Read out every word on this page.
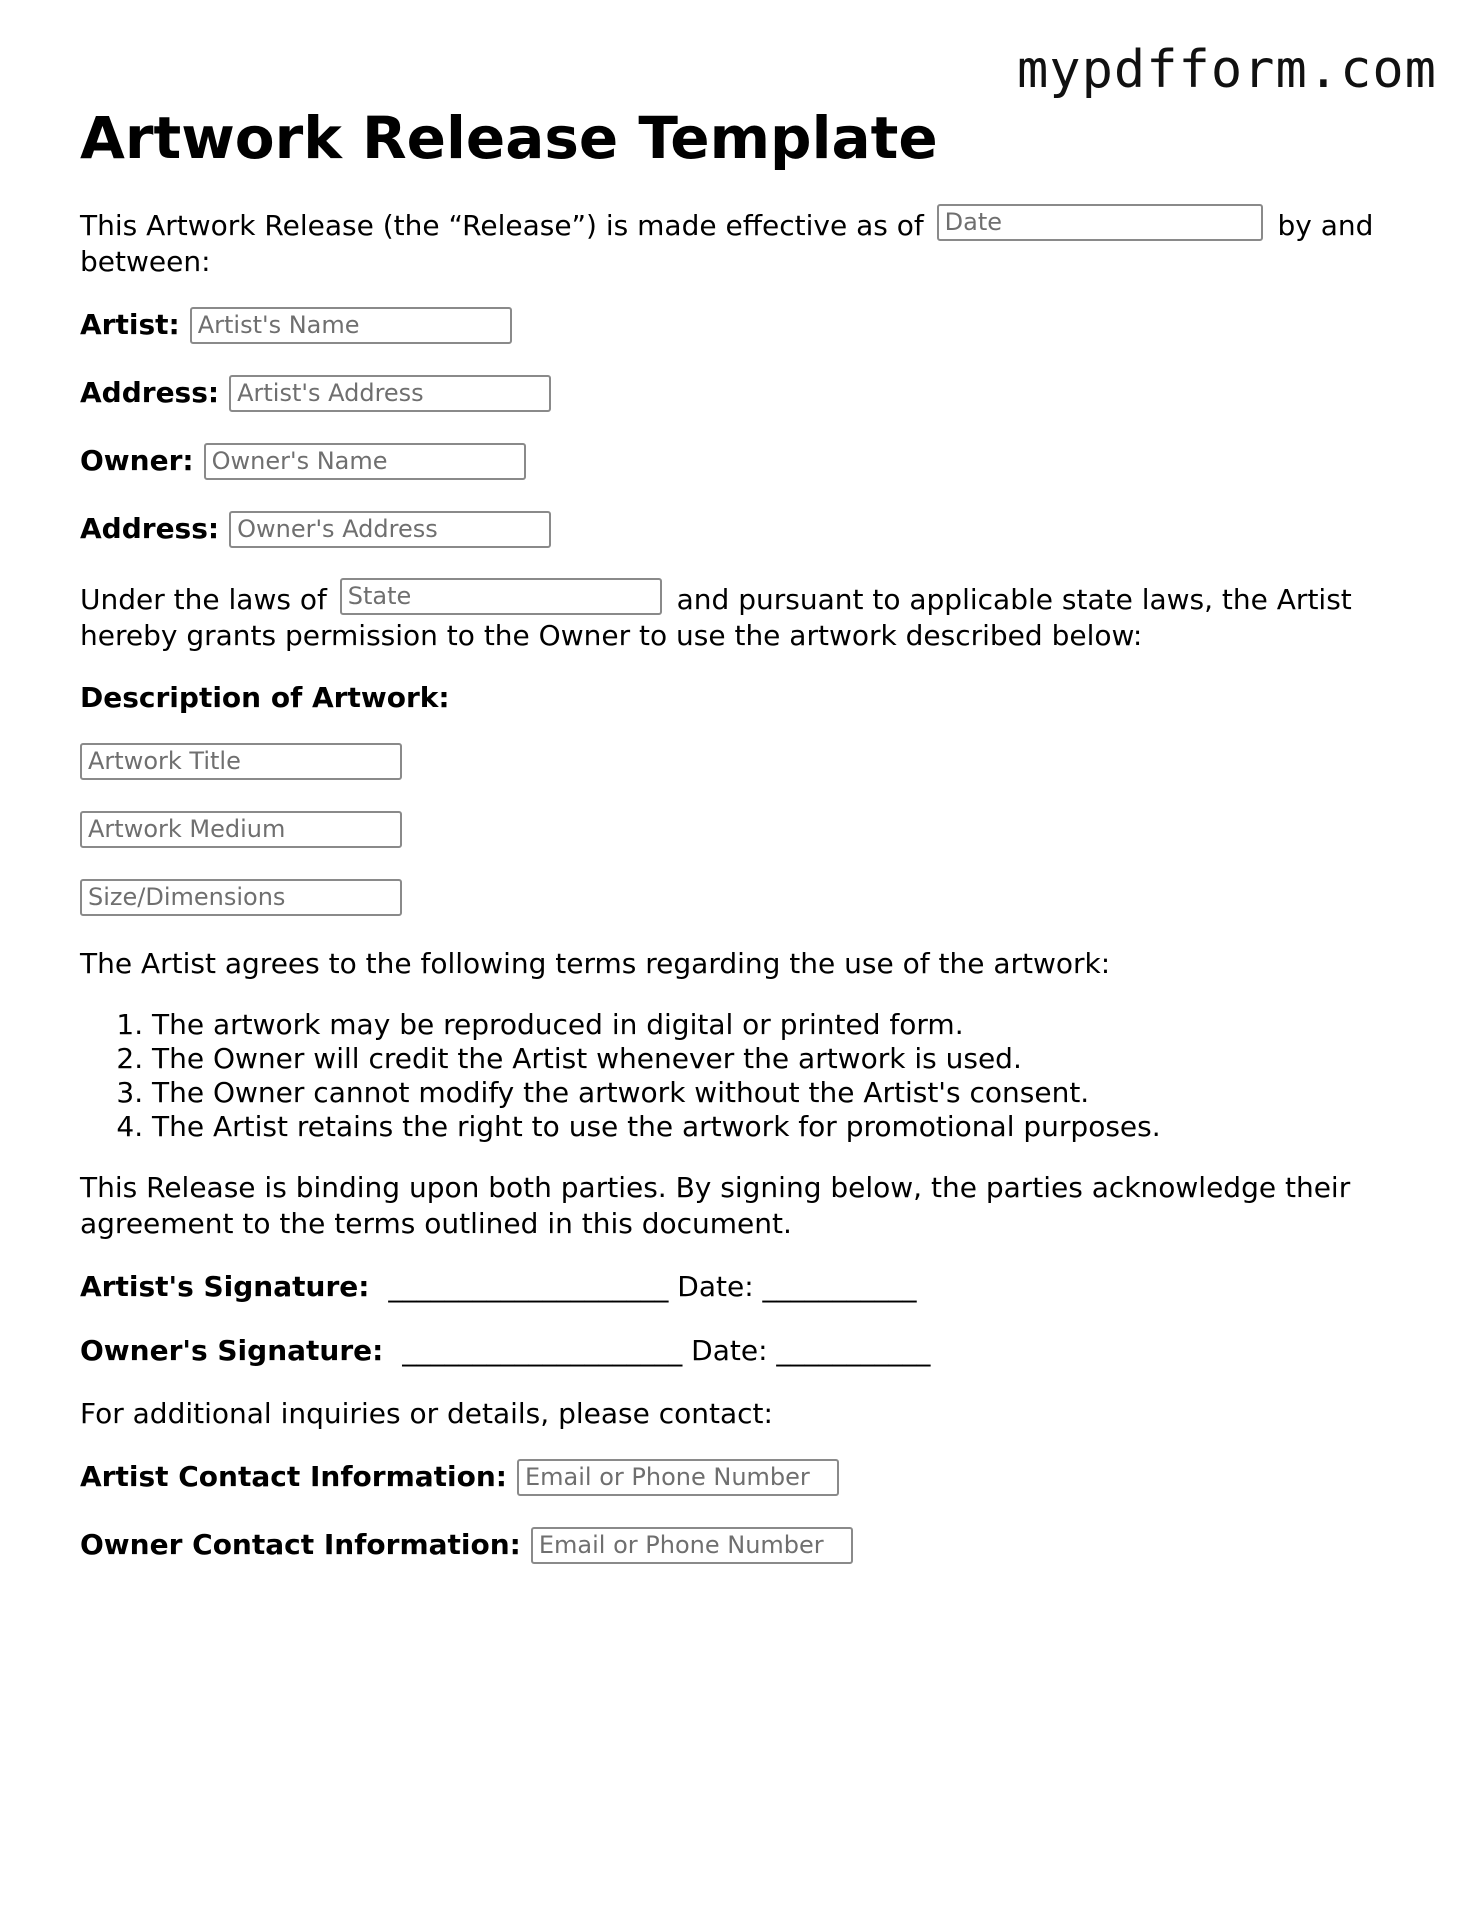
mypdfform.com
Artwork Release Template

This Artwork Release (the “Release”) is made effective as of Date	by and between:

Artist: Artist's Name
Address: Artist's Address
Owner: Owner's Name
Address: Owner's Address

Under the laws of State	and pursuant to applicable state laws, the Artist hereby grants permission to the Owner to use the artwork described below:

Description of Artwork:
Artwork Title
Artwork Medium
Size/Dimensions

The Artist agrees to the following terms regarding the use of the artwork:

1. The artwork may be reproduced in digital or printed form.
2. The Owner will credit the Artist whenever the artwork is used.
3. The Owner cannot modify the artwork without the Artist's consent.
4. The Artist retains the right to use the artwork for promotional purposes.

This Release is binding upon both parties. By signing below, the parties acknowledge their agreement to the terms outlined in this document.

Artist's Signature: ____________________ Date: ___________
Owner's Signature: ____________________ Date: ___________

For additional inquiries or details, please contact:

Artist Contact Information: Email or Phone Number
Owner Contact Information: Email or Phone Number
